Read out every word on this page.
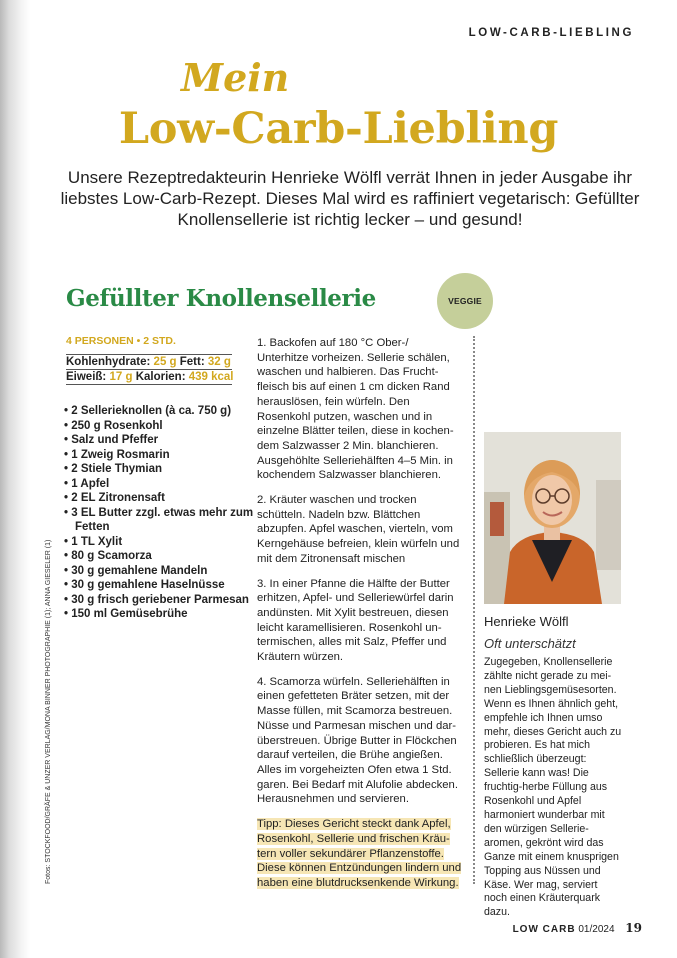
LOW-CARB-LIEBLING
Mein
Low-Carb-Liebling
Unsere Rezeptredakteurin Henrieke Wölfl verrät Ihnen in jeder Ausgabe ihr liebstes Low-Carb-Rezept. Dieses Mal wird es raffiniert vegetarisch: Gefüllter Knollensellerie ist richtig lecker – und gesund!
Gefüllter Knollensellerie	VEGGIE
4 PERSONEN • 2 STD.
Kohlenhydrate: 25 g Fett: 32 g
Eiweiß: 17 g Kalorien: 439 kcal
• 2 Sellerieknollen (à ca. 750 g)
• 250 g Rosenkohl
• Salz und Pfeffer
• 1 Zweig Rosmarin
• 2 Stiele Thymian
• 1 Apfel
• 2 EL Zitronensaft
• 3 EL Butter zzgl. etwas mehr zum Fetten
• 1 TL Xylit
• 80 g Scamorza
• 30 g gemahlene Mandeln
• 30 g gemahlene Haselnüsse
• 30 g frisch geriebener Parmesan
• 150 ml Gemüsebrühe
Fotos: STOCKFOOD/GRÄFE & UNZER VERLAG/MONA BINNER PHOTOGRAPHIE (1); ANNA GIESELER (1)

1. Backofen auf 180 °C Ober-/ Unterhitze vorheizen. Sellerie schälen, waschen und halbieren. Das Fruchtfleisch bis auf einen 1 cm dicken Rand herauslösen, fein würfeln. Den Rosenkohl putzen, waschen und in einzelne Blätter teilen, diese in kochendem Salzwasser 2 Min. blanchieren. Ausgehöhlte Selleriehälften 4–5 Min. in kochendem Salzwasser blanchieren.

2. Kräuter waschen und trocken schütteln. Nadeln bzw. Blättchen abzupfen. Apfel waschen, vierteln, vom Kerngehäuse befreien, klein würfeln und mit dem Zitronensaft mischen

3. In einer Pfanne die Hälfte der Butter erhitzen, Apfel- und Selleriewürfel darin andünsten. Mit Xylit bestreuen, diesen leicht karamellisieren. Rosenkohl untermischen, alles mit Salz, Pfeffer und Kräutern würzen.

4. Scamorza würfeln. Selleriehälften in einen gefetteten Bräter setzen, mit der Masse füllen, mit Scamorza bestreuen. Nüsse und Parmesan mischen und darüberstreuen. Übrige Butter in Flöckchen darauf verteilen, die Brühe angießen. Alles im vorgeheizten Ofen etwa 1 Std. garen. Bei Bedarf mit Alufolie abdecken. Herausnehmen und servieren.

Tipp: Dieses Gericht steckt dank Apfel, Rosenkohl, Sellerie und frischen Kräutern voller sekundärer Pflanzenstoffe. Diese können Entzündungen lindern und haben eine blutdrucksenkende Wirkung.

Henrieke Wölfl
Oft unterschätzt
Zugegeben, Knollensellerie zählte nicht gerade zu meinen Lieblingsgemüsesorten. Wenn es Ihnen ähnlich geht, empfehle ich Ihnen umso mehr, dieses Gericht auch zu probieren. Es hat mich schließlich überzeugt: Sellerie kann was! Die fruchtig-herbe Füllung aus Rosenkohl und Apfel harmoniert wunderbar mit den würzigen Selleriearomen, gekrönt wird das Ganze mit einem knusprigen Topping aus Nüssen und Käse. Wer mag, serviert noch einen Kräuterquark dazu.
LOW CARB 01/2024 19
